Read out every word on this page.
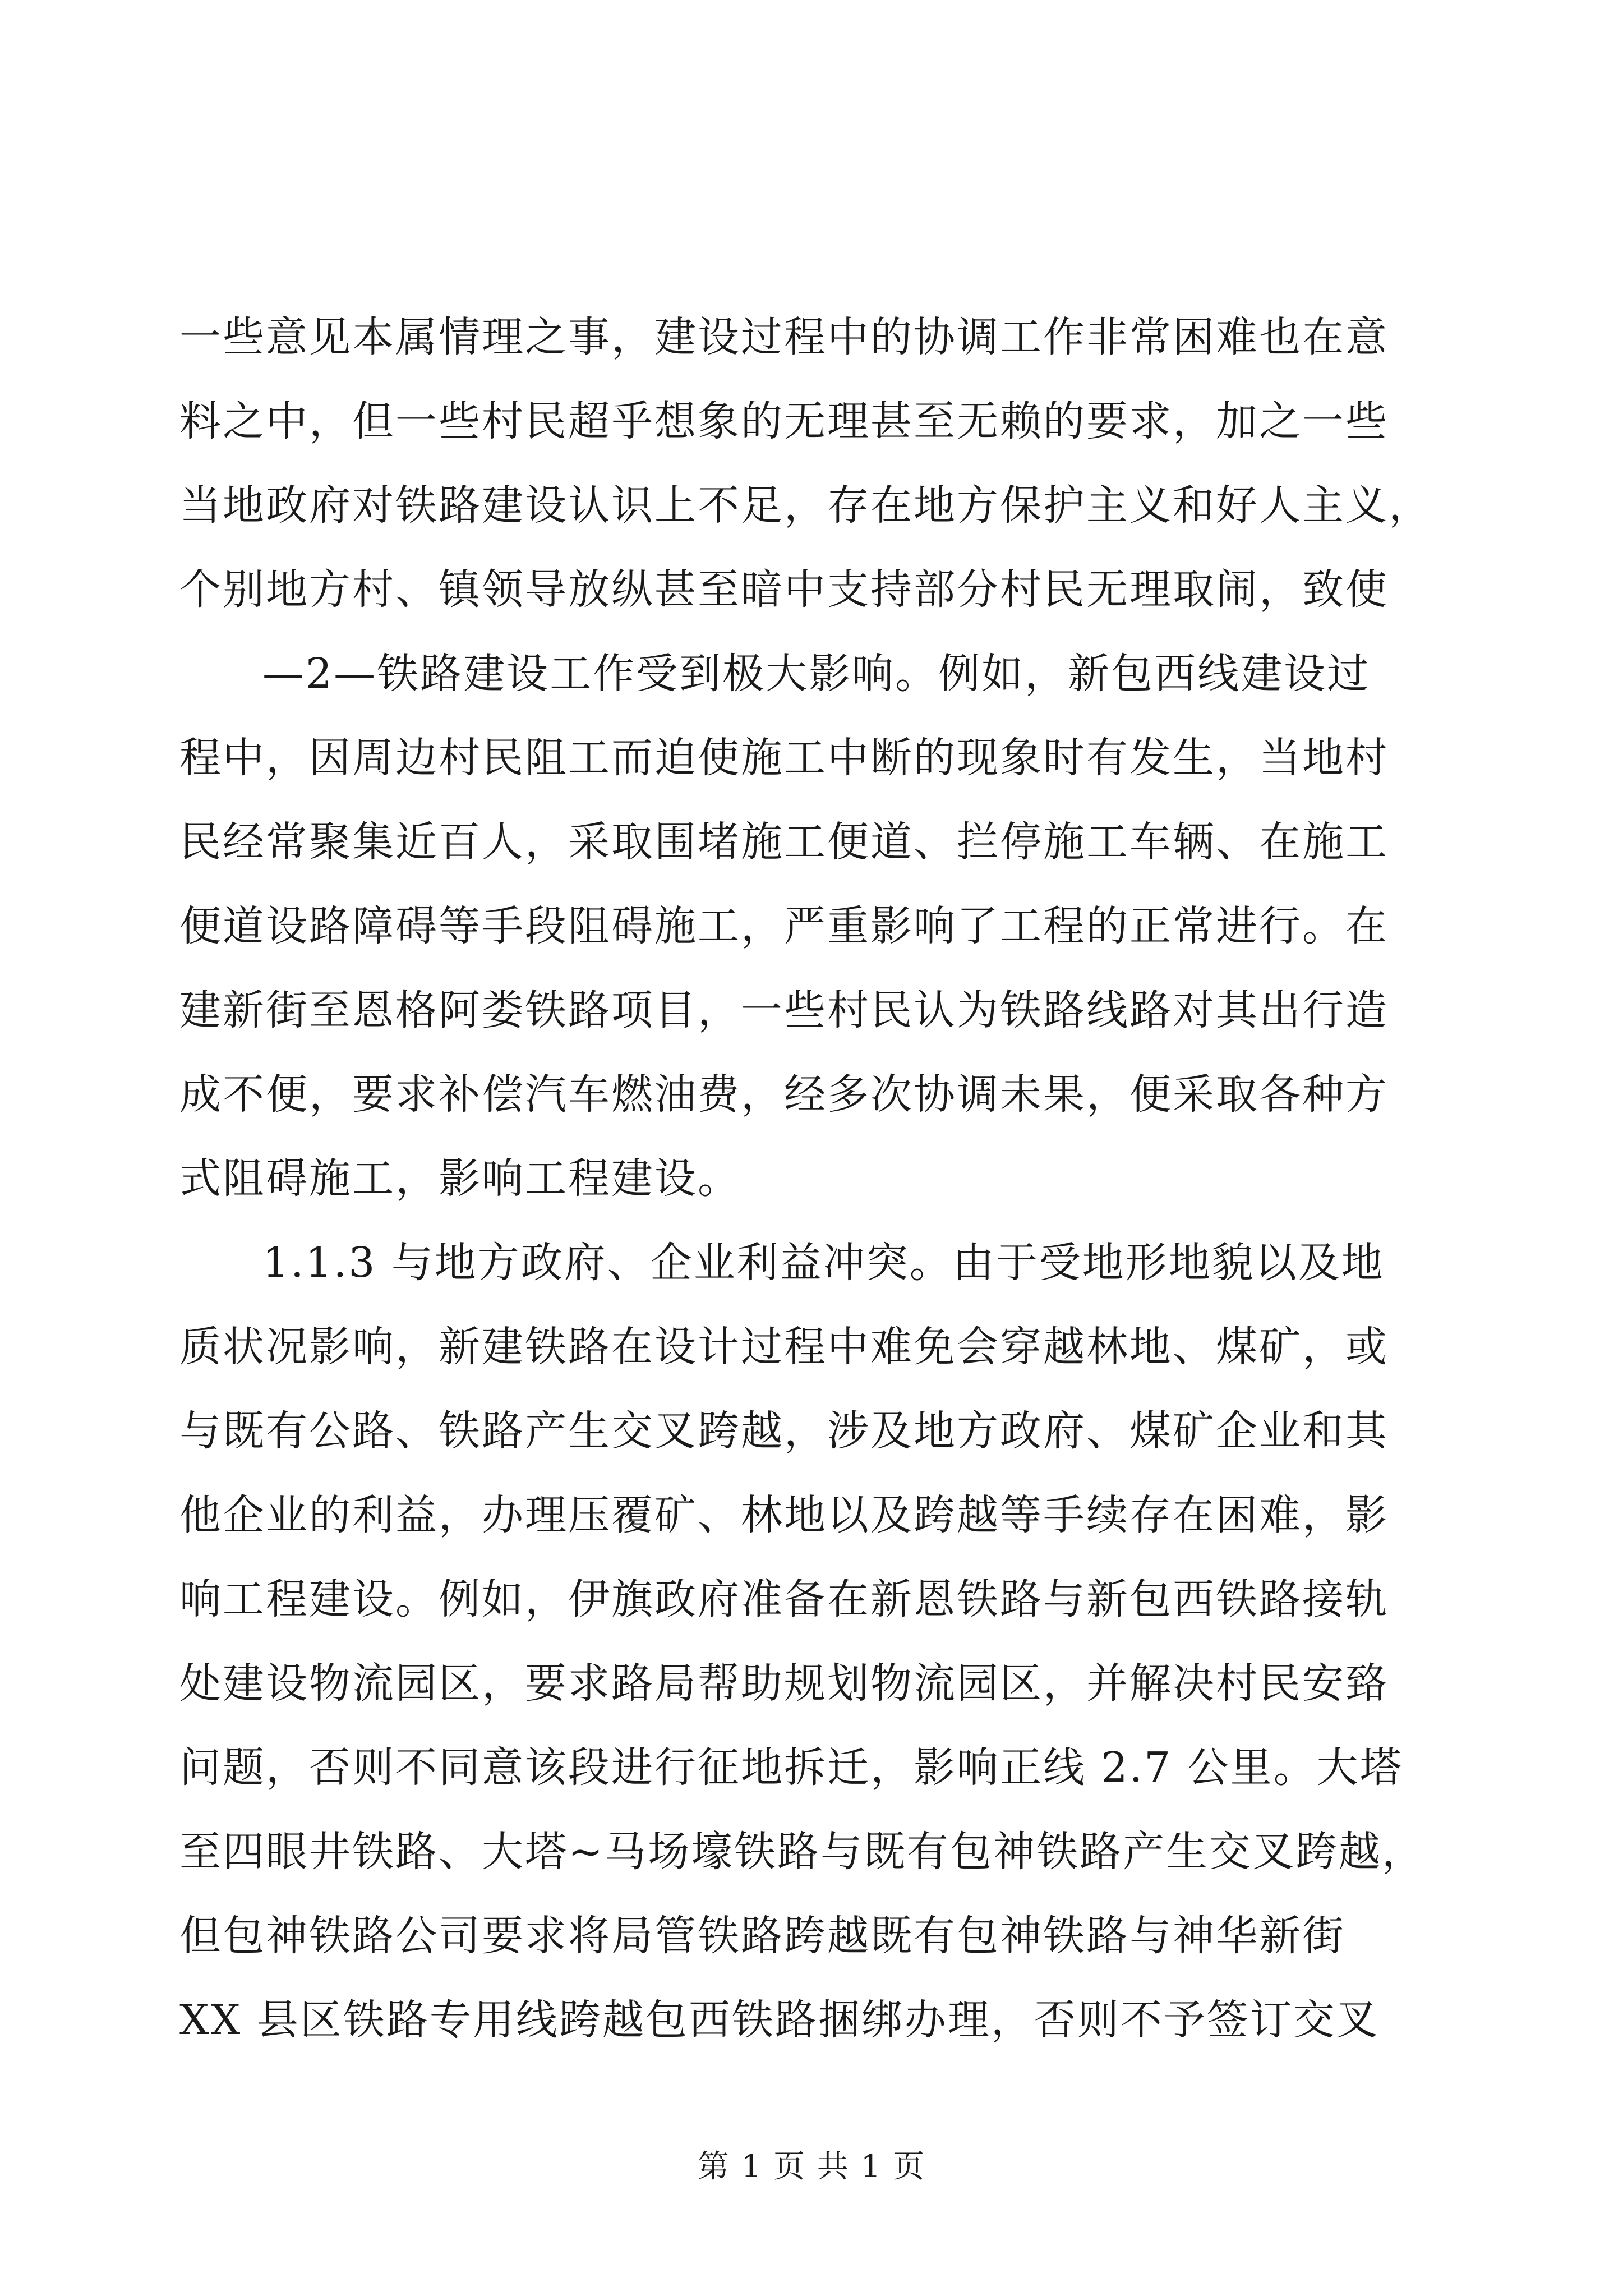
一些意见本属情理之事，建设过程中的协调工作非常困难也在意
料之中，但一些村民超乎想象的无理甚至无赖的要求，加之一些
当地政府对铁路建设认识上不足，存在地方保护主义和好人主义，
个别地方村、镇领导放纵甚至暗中支持部分村民无理取闹，致使
—2—铁路建设工作受到极大影响。例如，新包西线建设过
程中，因周边村民阻工而迫使施工中断的现象时有发生，当地村
民经常聚集近百人，采取围堵施工便道、拦停施工车辆、在施工
便道设路障碍等手段阻碍施工，严重影响了工程的正常进行。在
建新街至恩格阿娄铁路项目，一些村民认为铁路线路对其出行造
成不便，要求补偿汽车燃油费，经多次协调未果，便采取各种方
式阻碍施工，影响工程建设。
1.1.3 与地方政府、企业利益冲突。由于受地形地貌以及地
质状况影响，新建铁路在设计过程中难免会穿越林地、煤矿，或
与既有公路、铁路产生交叉跨越，涉及地方政府、煤矿企业和其
他企业的利益，办理压覆矿、林地以及跨越等手续存在困难，影
响工程建设。例如，伊旗政府准备在新恩铁路与新包西铁路接轨
处建设物流园区，要求路局帮助规划物流园区，并解决村民安臵
问题，否则不同意该段进行征地拆迁，影响正线 2.7 公里。大塔
至四眼井铁路、大塔~马场壕铁路与既有包神铁路产生交叉跨越，
但包神铁路公司要求将局管铁路跨越既有包神铁路与神华新街
XX 县区铁路专用线跨越包西铁路捆绑办理，否则不予签订交叉
第 1 页 共 1 页
